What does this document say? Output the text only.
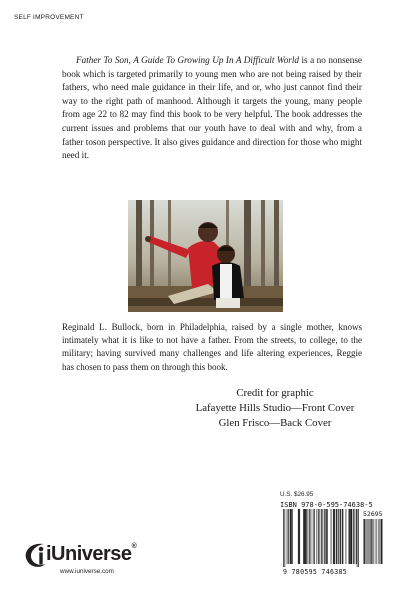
SELF IMPROVEMENT
Father To Son, A Guide To Growing Up In A Difficult World is a no nonsense book which is targeted primarily to young men who are not being raised by their fathers, who need male guidance in their life, and or, who just cannot find their way to the right path of manhood. Although it targets the young, many people from age 22 to 82 may find this book to be very helpful. The book addresses the current issues and problems that our youth have to deal with and why, from a father toson perspective. It also gives guidance and direction for those who might need it.
Reginald L. Bullock, born in Philadelphia, raised by a single mother, knows intimately what it is like to not have a father. From the streets, to college, to the military; having survived many challenges and life altering experiences, Reggie has chosen to pass them on through this book.
Credit for graphic
Lafayette Hills Studio—Front Cover
Glen Frisco—Back Cover
iUniverse®
www.iuniverse.com
U.S. $26.95
ISBN 978-0-595-74638-5
52695
9 780595 746385
